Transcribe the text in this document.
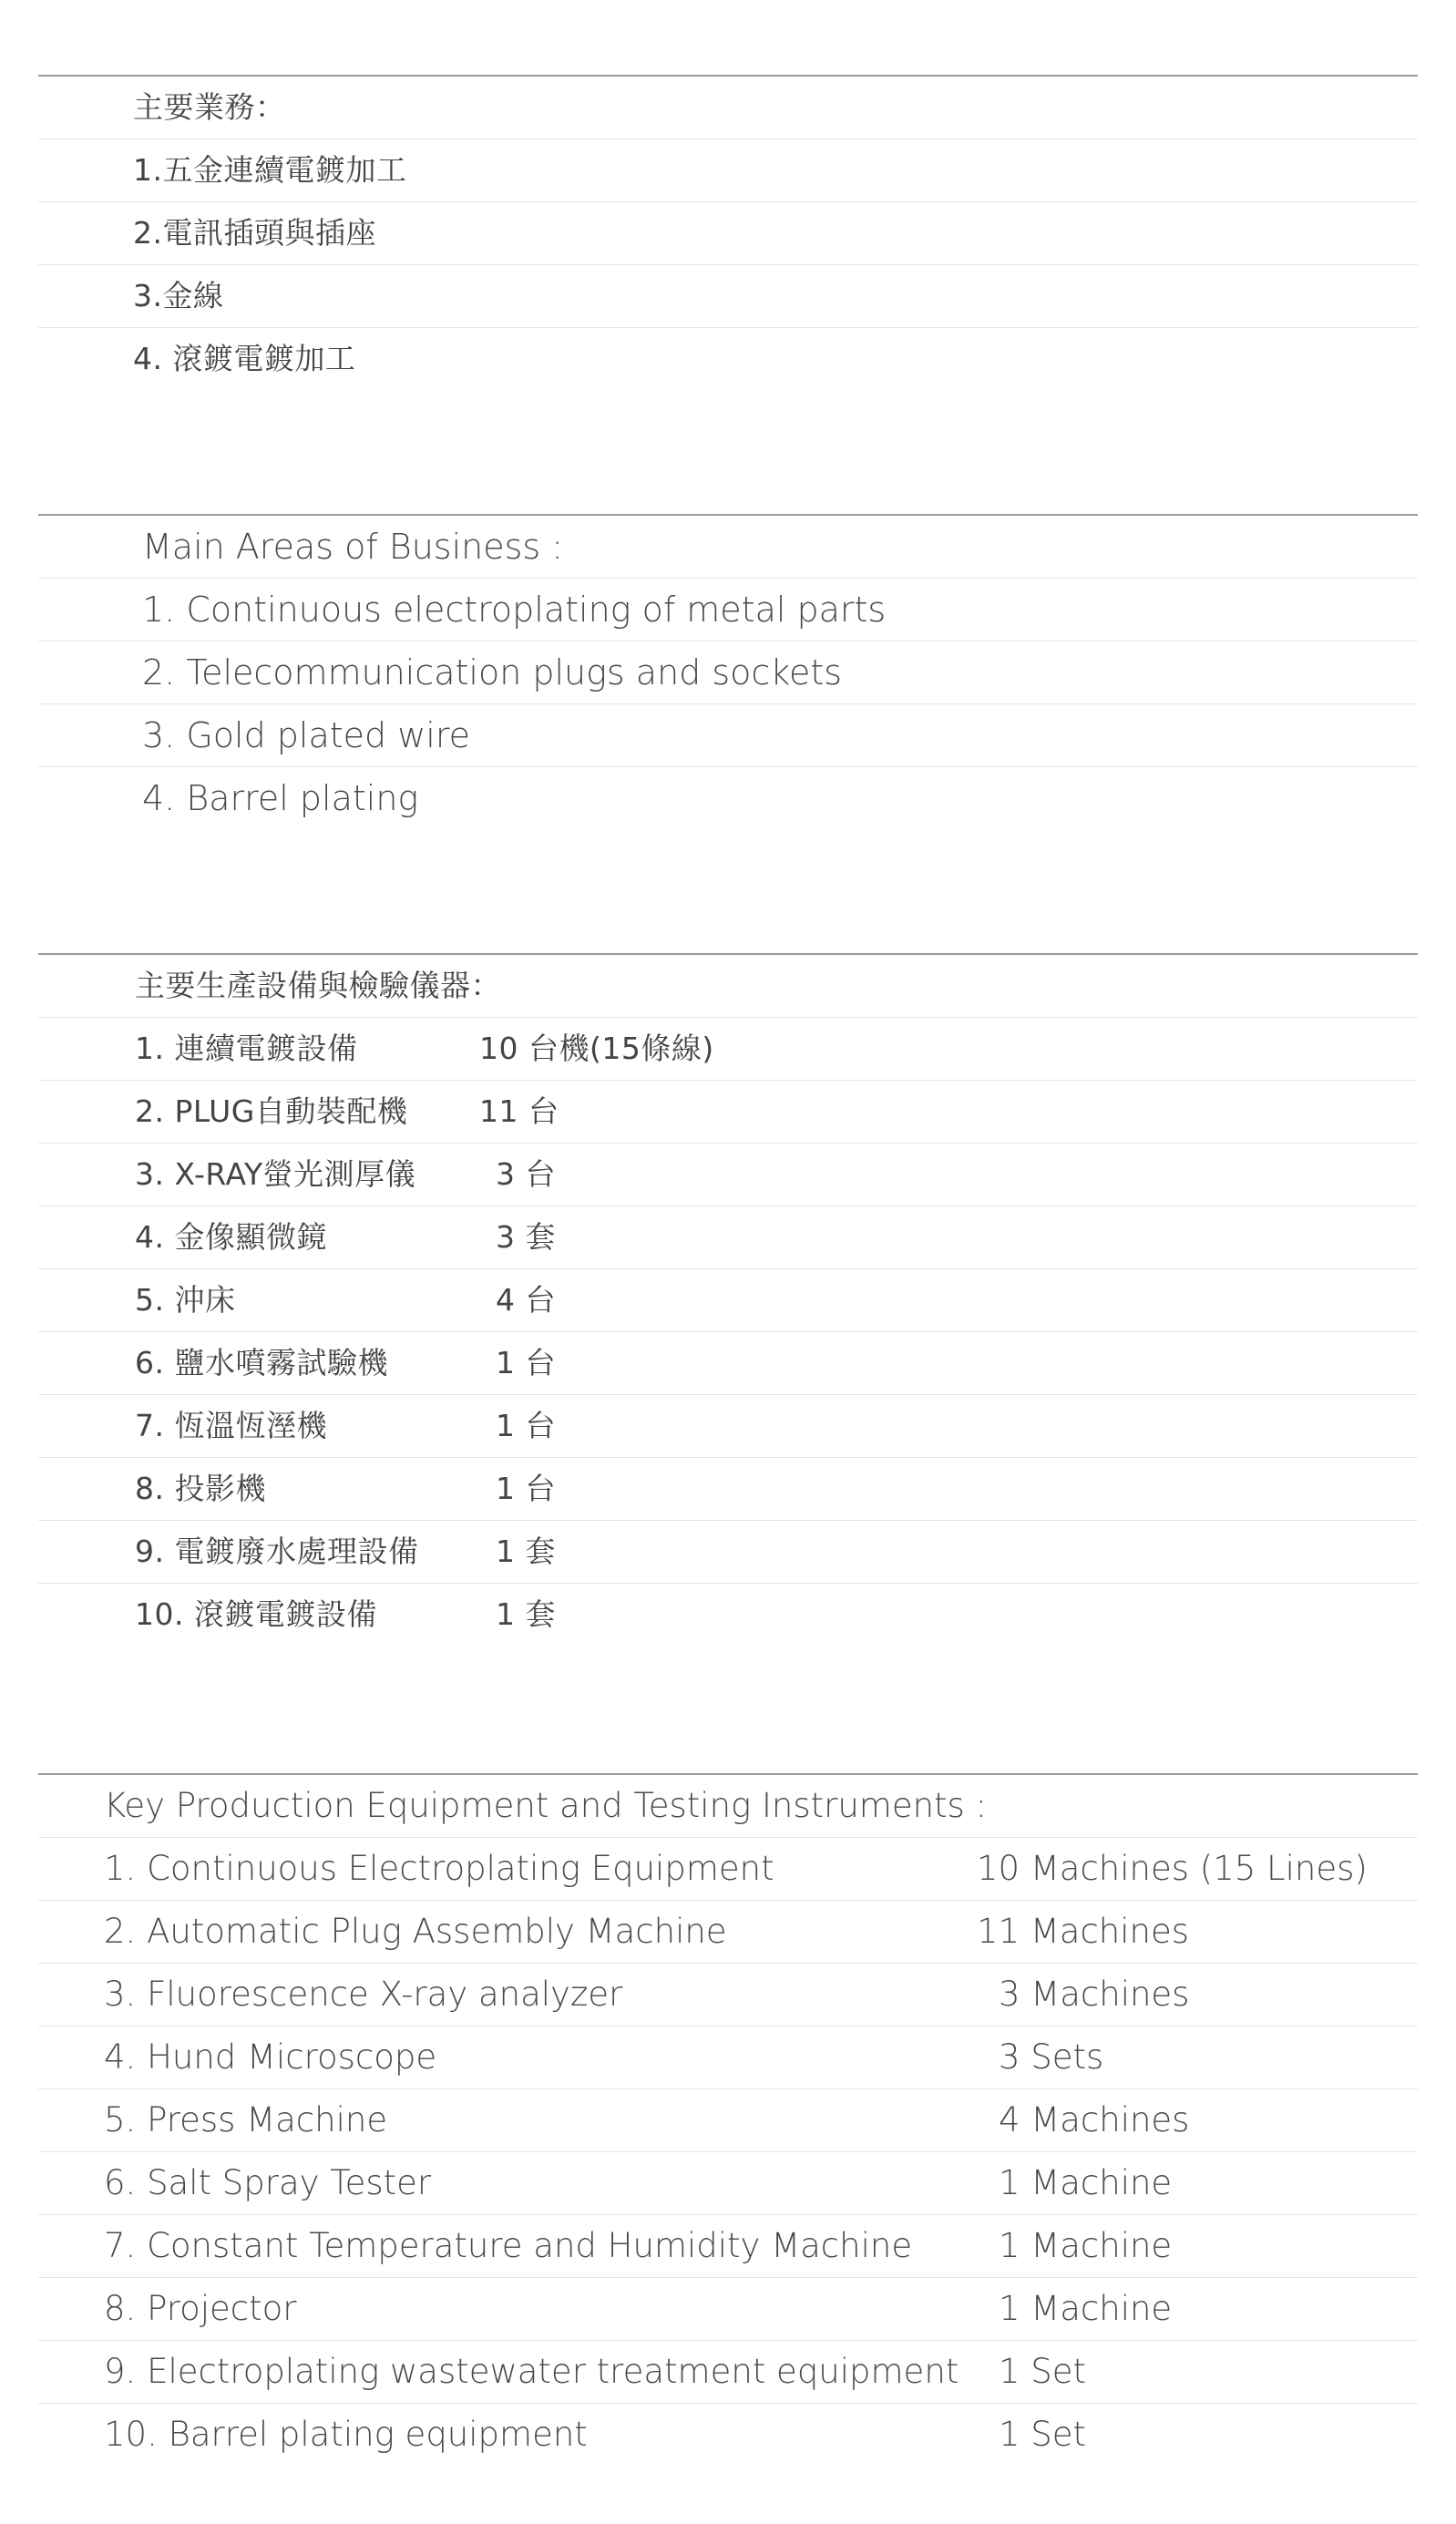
主要業務：
1.五金連續電鍍加工
2.電訊插頭與插座
3.金線
4. 滾鍍電鍍加工
Main Areas of Business :
1. Continuous electroplating of metal parts
2. Telecommunication plugs and sockets
3. Gold plated wire
4. Barrel plating
主要生產設備與檢驗儀器：
1. 連續電鍍設備	10 台機(15條線)
2. PLUG自動裝配機 11 台
3. X-RAY螢光測厚儀	3 台
4. 金像顯微鏡	3 套
5. 沖床	4 台
6. 鹽水噴霧試驗機	1 台
7. 恆溫恆溼機	1 台
8. 投影機	1 台
9. 電鍍廢水處理設備	1 套
10. 滾鍍電鍍設備	1 套
Key Production Equipment and Testing Instruments :
1. Continuous Electroplating Equipment	10 Machines (15 Lines)
2. Automatic Plug Assembly Machine	11 Machines
3. Fluorescence X-ray analyzer	3 Machines
4. Hund Microscope	3 Sets
5. Press Machine	4 Machines
6. Salt Spray Tester	1 Machine
7. Constant Temperature and Humidity Machine	1 Machine
8. Projector	1 Machine
9. Electroplating wastewater treatment equipment 1 Set
10. Barrel plating equipment	1 Set
